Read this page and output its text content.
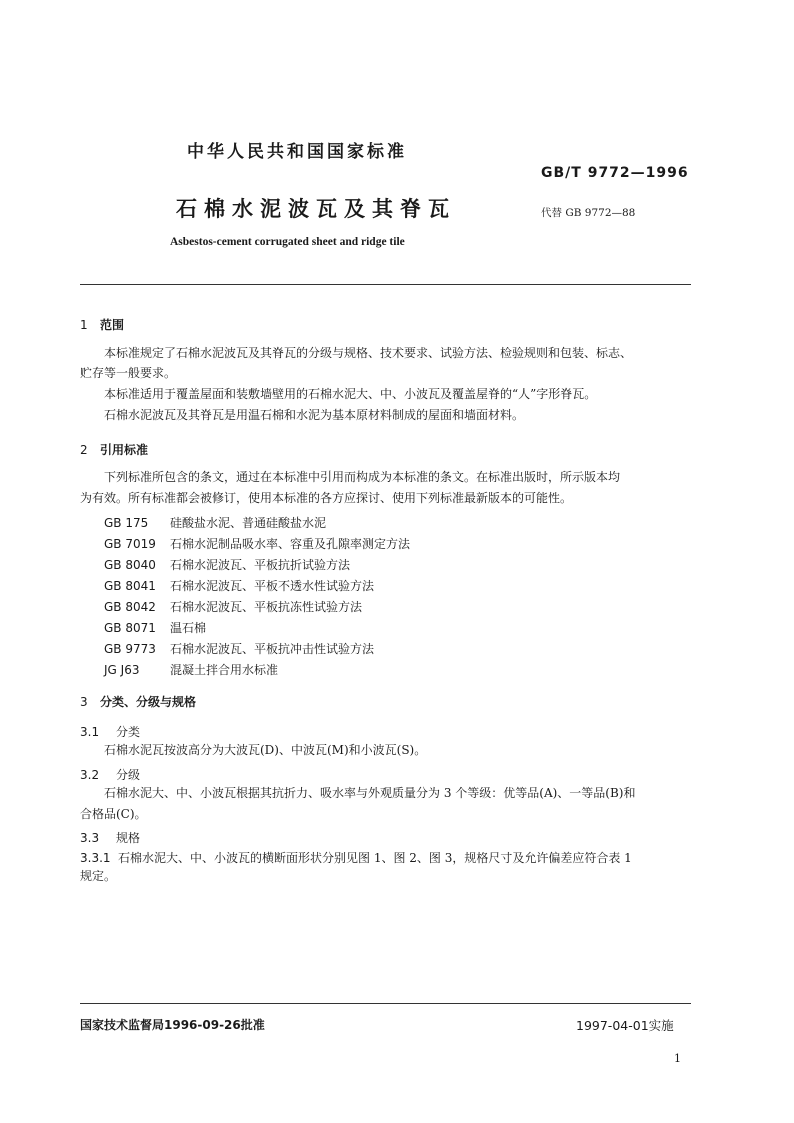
中华人民共和国国家标准
GB/T 9772—1996
石棉水泥波瓦及其脊瓦	代替 GB 9772—88
Asbestos-cement corrugated sheet and ridge tile
1 范围
本标准规定了石棉水泥波瓦及其脊瓦的分级与规格、技术要求、试验方法、检验规则和包装、标志、
贮存等一般要求。
本标准适用于覆盖屋面和装敷墙壁用的石棉水泥大、中、小波瓦及覆盖屋脊的“人”字形脊瓦。
石棉水泥波瓦及其脊瓦是用温石棉和水泥为基本原材料制成的屋面和墙面材料。
2 引用标准
下列标准所包含的条文，通过在本标准中引用而构成为本标准的条文。在标准出版时，所示版本均
为有效。所有标准都会被修订，使用本标准的各方应探讨、使用下列标准最新版本的可能性。
GB 175 硅酸盐水泥、普通硅酸盐水泥
GB 7019 石棉水泥制品吸水率、容重及孔隙率测定方法
GB 8040 石棉水泥波瓦、平板抗折试验方法
GB 8041 石棉水泥波瓦、平板不透水性试验方法
GB 8042 石棉水泥波瓦、平板抗冻性试验方法
GB 8071 温石棉
GB 9773 石棉水泥波瓦、平板抗冲击性试验方法
JG J63	混凝土拌合用水标准
3 分类、分级与规格
3.1 分类
石棉水泥瓦按波高分为大波瓦(D)、中波瓦(M)和小波瓦(S)。
3.2 分级
石棉水泥大、中、小波瓦根据其抗折力、吸水率与外观质量分为 3 个等级：优等品(A)、一等品(B)和
合格品(C)。
3.3 规格
3.3.1 石棉水泥大、中、小波瓦的横断面形状分别见图 1、图 2、图 3，规格尺寸及允许偏差应符合表 1
规定。
国家技术监督局1996-09-26批准	1997-04-01实施
1
